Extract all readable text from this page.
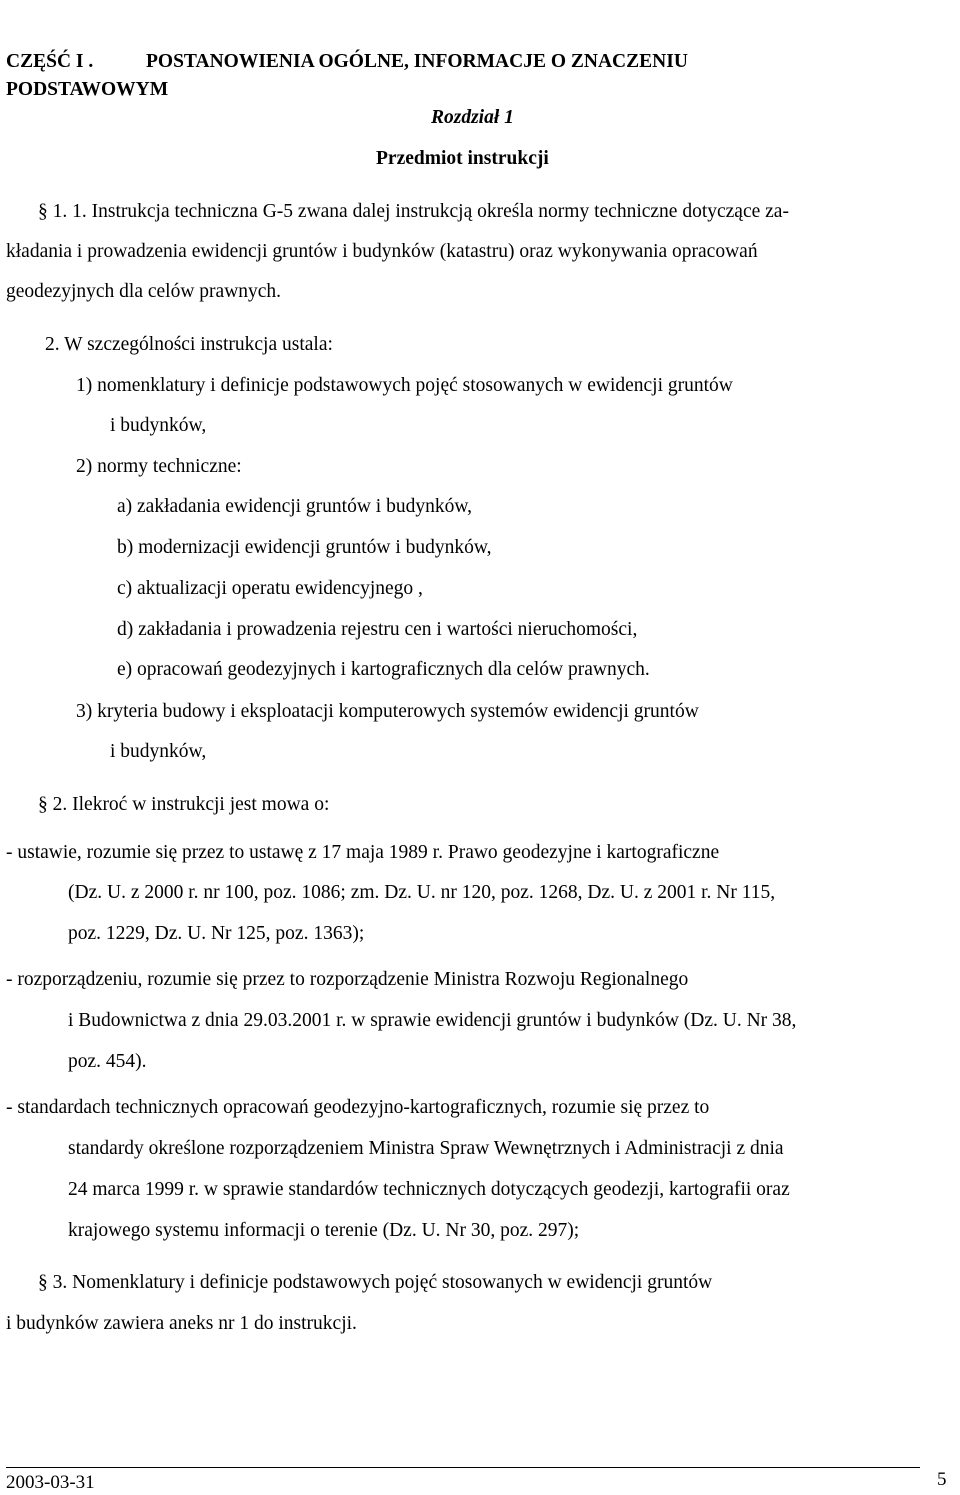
CZĘŚĆ I .	POSTANOWIENIA OGÓLNE, INFORMACJE O ZNACZENIU
PODSTAWOWYM
Rozdział 1
Przedmiot instrukcji
§ 1. 1. Instrukcja techniczna G-5 zwana dalej instrukcją określa normy techniczne dotyczące za-
kładania i prowadzenia ewidencji gruntów i budynków (katastru) oraz wykonywania opracowań
geodezyjnych dla celów prawnych.
2. W szczególności instrukcja ustala:
1) nomenklatury i definicje podstawowych pojęć stosowanych w ewidencji gruntów
i budynków,
2) normy techniczne:
a) zakładania ewidencji gruntów i budynków,
b) modernizacji ewidencji gruntów i budynków,
c) aktualizacji operatu ewidencyjnego ,
d) zakładania i prowadzenia rejestru cen i wartości nieruchomości,
e) opracowań geodezyjnych i kartograficznych dla celów prawnych.
3) kryteria budowy i eksploatacji komputerowych systemów ewidencji gruntów
i budynków,
§ 2. Ilekroć w instrukcji jest mowa o:
- ustawie, rozumie się przez to ustawę z 17 maja 1989 r. Prawo geodezyjne i kartograficzne
(Dz. U. z 2000 r. nr 100, poz. 1086; zm. Dz. U. nr 120, poz. 1268, Dz. U. z 2001 r. Nr 115,
poz. 1229, Dz. U. Nr 125, poz. 1363);
- rozporządzeniu, rozumie się przez to rozporządzenie Ministra Rozwoju Regionalnego
i Budownictwa z dnia 29.03.2001 r. w sprawie ewidencji gruntów i budynków (Dz. U. Nr 38,
poz. 454).
- standardach technicznych opracowań geodezyjno-kartograficznych, rozumie się przez to
standardy określone rozporządzeniem Ministra Spraw Wewnętrznych i Administracji z dnia
24 marca 1999 r. w sprawie standardów technicznych dotyczących geodezji, kartografii oraz
krajowego systemu informacji o terenie (Dz. U. Nr 30, poz. 297);
§ 3. Nomenklatury i definicje podstawowych pojęć stosowanych w ewidencji gruntów
i budynków zawiera aneks nr 1 do instrukcji.
2003-03-31	5
